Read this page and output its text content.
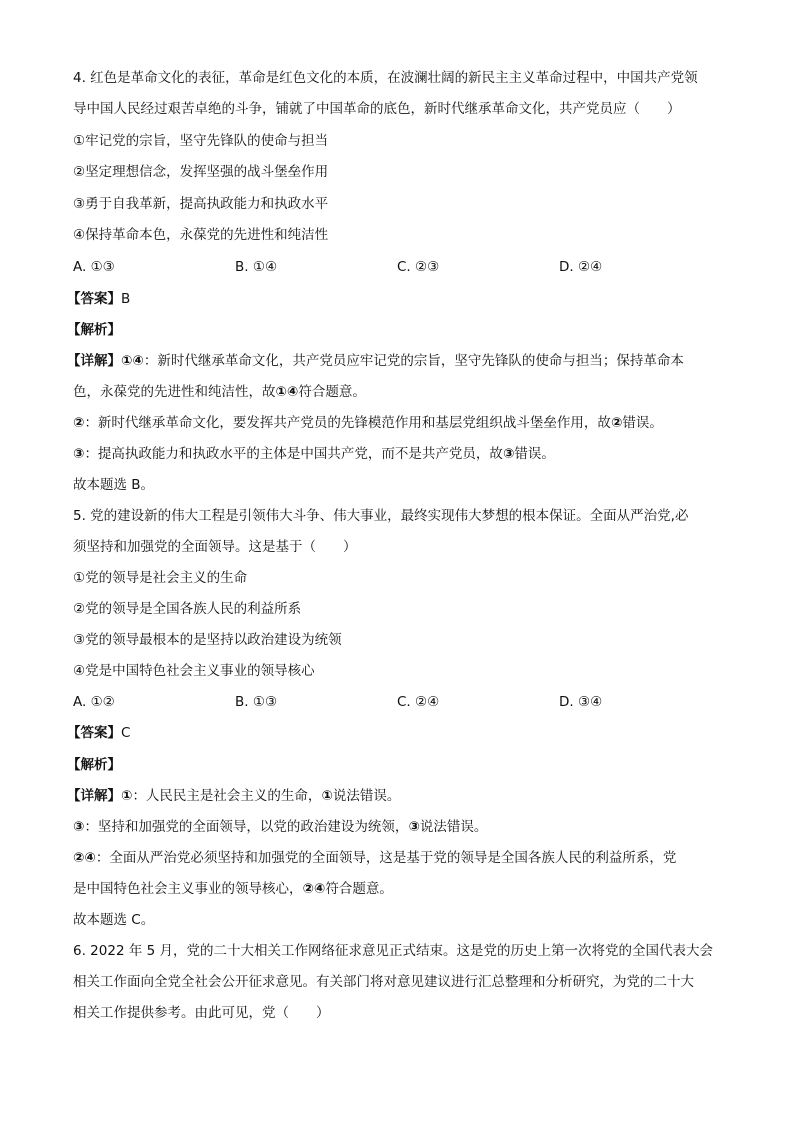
4. 红色是革命文化的表征，革命是红色文化的本质，在波澜壮阔的新民主主义革命过程中，中国共产党领
导中国人民经过艰苦卓绝的斗争，铺就了中国革命的底色，新时代继承革命文化，共产党员应（　　）
①牢记党的宗旨，坚守先锋队的使命与担当
②坚定理想信念，发挥坚强的战斗堡垒作用
③勇于自我革新，提高执政能力和执政水平
④保持革命本色，永葆党的先进性和纯洁性
A. ①③	B. ①④	C. ②③	D. ②④
【答案】B
【解析】
【详解】①④：新时代继承革命文化，共产党员应牢记党的宗旨，坚守先锋队的使命与担当；保持革命本
色，永葆党的先进性和纯洁性，故①④符合题意。
②：新时代继承革命文化，要发挥共产党员的先锋模范作用和基层党组织战斗堡垒作用，故②错误。
③：提高执政能力和执政水平的主体是中国共产党，而不是共产党员，故③错误。
故本题选 B。
5. 党的建设新的伟大工程是引领伟大斗争、伟大事业，最终实现伟大梦想的根本保证。全面从严治党,必
须坚持和加强党的全面领导。这是基于（　　）
①党的领导是社会主义的生命
②党的领导是全国各族人民的利益所系
③党的领导最根本的是坚持以政治建设为统领
④党是中国特色社会主义事业的领导核心
A. ①②	B. ①③	C. ②④	D. ③④
【答案】C
【解析】
【详解】①：人民民主是社会主义的生命，①说法错误。
③：坚持和加强党的全面领导，以党的政治建设为统领，③说法错误。
②④：全面从严治党必须坚持和加强党的全面领导，这是基于党的领导是全国各族人民的利益所系，党
是中国特色社会主义事业的领导核心，②④符合题意。
故本题选 C。
6. 2022 年 5 月，党的二十大相关工作网络征求意见正式结束。这是党的历史上第一次将党的全国代表大会
相关工作面向全党全社会公开征求意见。有关部门将对意见建议进行汇总整理和分析研究，为党的二十大
相关工作提供参考。由此可见，党（　　）
